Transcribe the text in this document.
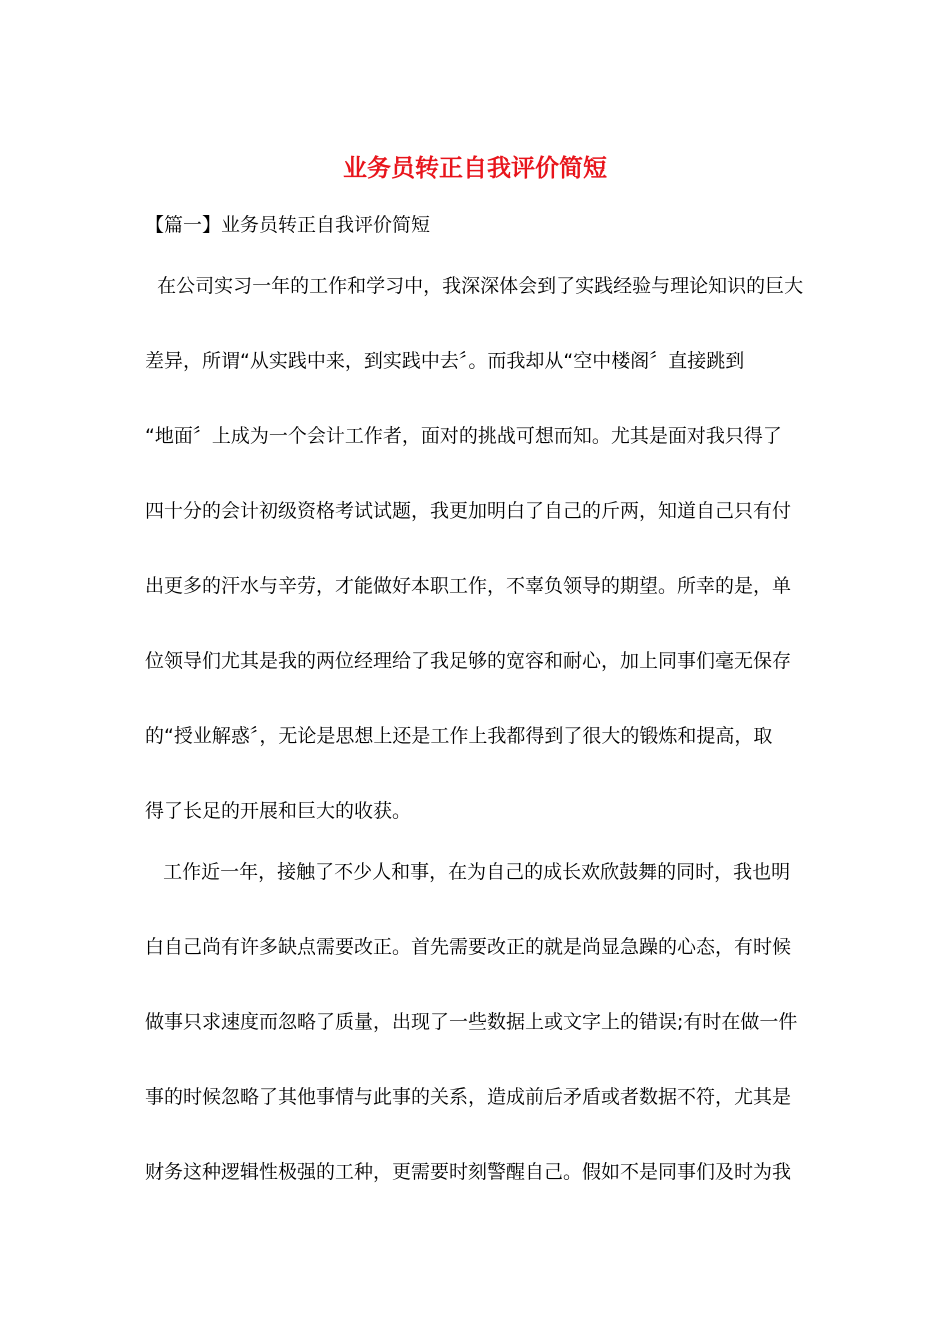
业务员转正自我评价简短

【篇一】业务员转正自我评价简短

在公司实习一年的工作和学习中，我深深体会到了实践经验与理论知识的巨大

差异，所谓“从实践中来，到实践中去〞。而我却从“空中楼阁〞直接跳到

“地面〞上成为一个会计工作者，面对的挑战可想而知。尤其是面对我只得了

四十分的会计初级资格考试试题，我更加明白了自己的斤两，知道自己只有付

出更多的汗水与辛劳，才能做好本职工作，不辜负领导的期望。所幸的是，单

位领导们尤其是我的两位经理给了我足够的宽容和耐心，加上同事们毫无保存

的“授业解惑〞，无论是思想上还是工作上我都得到了很大的锻炼和提高，取

得了长足的开展和巨大的收获。

工作近一年，接触了不少人和事，在为自己的成长欢欣鼓舞的同时，我也明

白自己尚有许多缺点需要改正。首先需要改正的就是尚显急躁的心态，有时候

做事只求速度而忽略了质量，出现了一些数据上或文字上的错误;有时在做一件

事的时候忽略了其他事情与此事的关系，造成前后矛盾或者数据不符，尤其是

财务这种逻辑性极强的工种，更需要时刻警醒自己。假如不是同事们及时为我
